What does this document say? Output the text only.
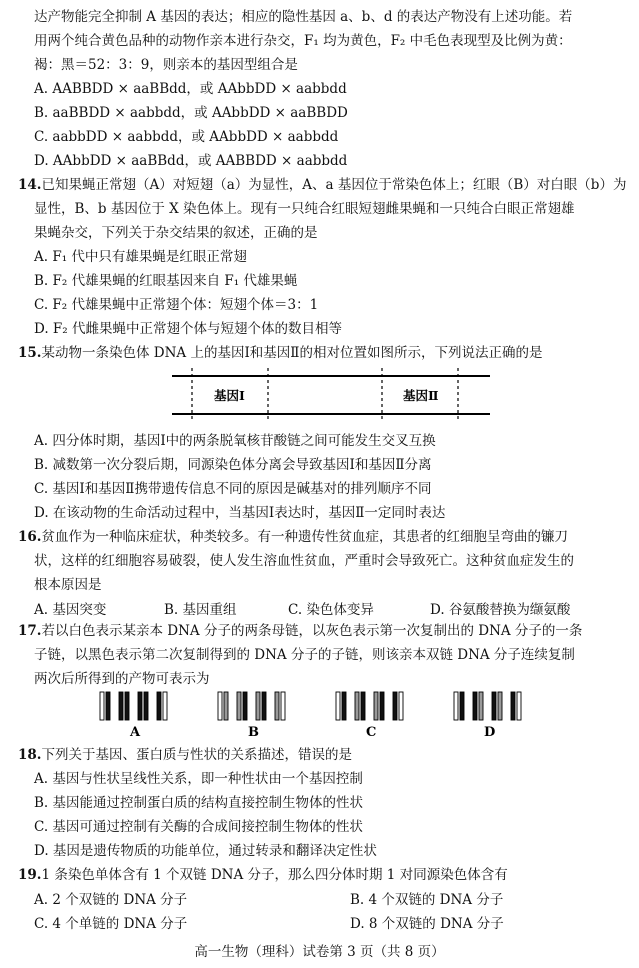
达产物能完全抑制 A 基因的表达；相应的隐性基因 a、b、d 的表达产物没有上述功能。若
用两个纯合黄色品种的动物作亲本进行杂交，F₁ 均为黄色，F₂ 中毛色表现型及比例为黄：
褐：黑＝52：3：9，则亲本的基因型组合是
A. AABBDD × aaBBdd，或 AAbbDD × aabbdd
B. aaBBDD × aabbdd，或 AAbbDD × aaBBDD
C. aabbDD × aabbdd，或 AAbbDD × aabbdd
D. AAbbDD × aaBBdd，或 AABBDD × aabbdd
14.已知果蝇正常翅（A）对短翅（a）为显性，A、a 基因位于常染色体上；红眼（B）对白眼（b）为
显性，B、b 基因位于 X 染色体上。现有一只纯合红眼短翅雌果蝇和一只纯合白眼正常翅雄
果蝇杂交，下列关于杂交结果的叙述，正确的是
A. F₁ 代中只有雄果蝇是红眼正常翅
B. F₂ 代雄果蝇的红眼基因来自 F₁ 代雄果蝇
C. F₂ 代雄果蝇中正常翅个体：短翅个体＝3：1
D. F₂ 代雌果蝇中正常翅个体与短翅个体的数目相等
15.某动物一条染色体 DNA 上的基因Ⅰ和基因Ⅱ的相对位置如图所示，下列说法正确的是
基因Ⅰ	基因Ⅱ
A. 四分体时期，基因Ⅰ中的两条脱氧核苷酸链之间可能发生交叉互换
B. 减数第一次分裂后期，同源染色体分离会导致基因Ⅰ和基因Ⅱ分离
C. 基因Ⅰ和基因Ⅱ携带遗传信息不同的原因是碱基对的排列顺序不同
D. 在该动物的生命活动过程中，当基因Ⅰ表达时，基因Ⅱ一定同时表达
16.贫血作为一种临床症状，种类较多。有一种遗传性贫血症，其患者的红细胞呈弯曲的镰刀
状，这样的红细胞容易破裂，使人发生溶血性贫血，严重时会导致死亡。这种贫血症发生的
根本原因是
A. 基因突变	B. 基因重组	C. 染色体变异	D. 谷氨酸替换为缬氨酸
17.若以白色表示某亲本 DNA 分子的两条母链，以灰色表示第一次复制出的 DNA 分子的一条
子链，以黑色表示第二次复制得到的 DNA 分子的子链，则该亲本双链 DNA 分子连续复制
两次后所得到的产物可表示为
A	B	C	D
18.下列关于基因、蛋白质与性状的关系描述，错误的是
A. 基因与性状呈线性关系，即一种性状由一个基因控制
B. 基因能通过控制蛋白质的结构直接控制生物体的性状
C. 基因可通过控制有关酶的合成间接控制生物体的性状
D. 基因是遗传物质的功能单位，通过转录和翻译决定性状
19.1 条染色单体含有 1 个双链 DNA 分子，那么四分体时期 1 对同源染色体含有
A. 2 个双链的 DNA 分子	B. 4 个双链的 DNA 分子
C. 4 个单链的 DNA 分子	D. 8 个双链的 DNA 分子
高一生物（理科）试卷第 3 页（共 8 页）
